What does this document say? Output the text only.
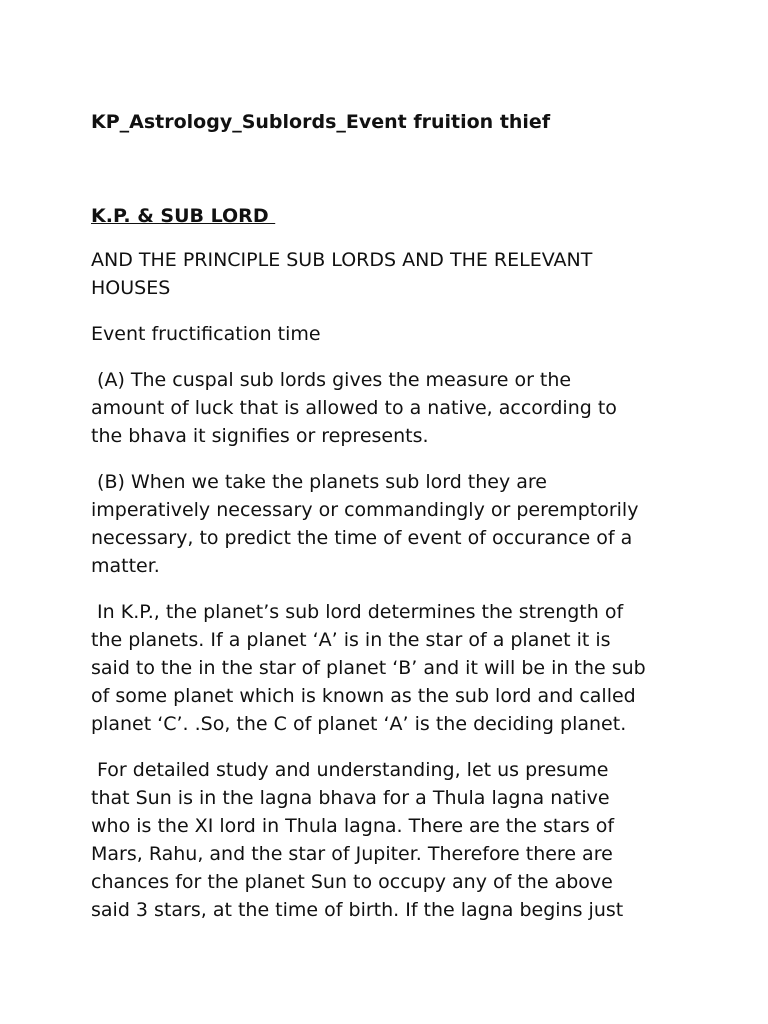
KP_Astrology_Sublords_Event fruition thief

K.P. & SUB LORD

AND THE PRINCIPLE SUB LORDS AND THE RELEVANT
HOUSES

Event fructification time

(A) The cuspal sub lords gives the measure or the
amount of luck that is allowed to a native, according to
the bhava it signifies or represents.

(B) When we take the planets sub lord they are
imperatively necessary or commandingly or peremptorily
necessary, to predict the time of event of occurance of a
matter.

In K.P., the planet’s sub lord determines the strength of
the planets. If a planet ‘A’ is in the star of a planet it is
said to the in the star of planet ‘B’ and it will be in the sub
of some planet which is known as the sub lord and called
planet ‘C’. .So, the C of planet ‘A’ is the deciding planet.

For detailed study and understanding, let us presume
that Sun is in the lagna bhava for a Thula lagna native
who is the XI lord in Thula lagna. There are the stars of
Mars, Rahu, and the star of Jupiter. Therefore there are
chances for the planet Sun to occupy any of the above
said 3 stars, at the time of birth. If the lagna begins just
